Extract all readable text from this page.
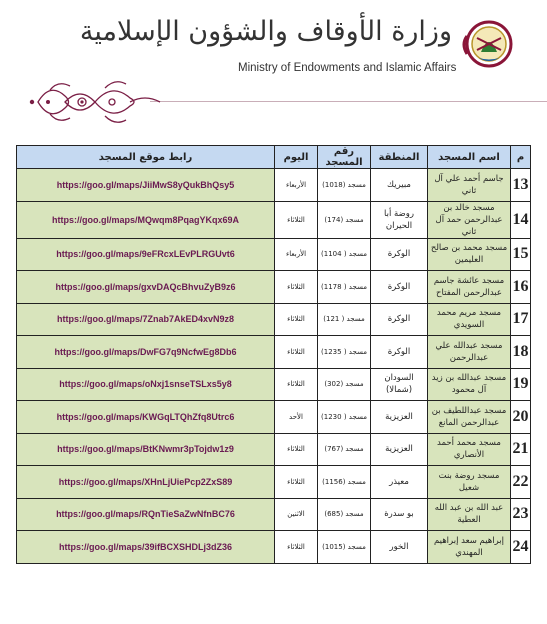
وزارة الأوقاف والشؤون الإسلامية
Ministry of Endowments and Islamic Affairs
م	اسم المسجد	المنطقة	رقم المسجد	اليوم	رابط موقع المسجد
13	جاسم أحمد علي آل ثاني	مبيريك	مسجد (1018)	الأربعاء	https://goo.gl/maps/JiiMwS8yQukBhQsy5
14	مسجد خالد بن عبدالرحمن حمد آل ثاني	روضة أبا الحيران	مسجد (174)	الثلاثاء	https://goo.gl/maps/MQwqm8PqagYKqx69A
15	مسجد محمد بن صالح العليمين	الوكرة	مسجد ( 1104)	الأربعاء	https://goo.gl/maps/9eFRcxLEvPLRGUvt6
16	مسجد عائشة جاسم عبدالرحمن المفتاح	الوكرة	مسجد ( 1178)	الثلاثاء	https://goo.gl/maps/gxvDAQcBhvuZyB9z6
17	مسجد مريم محمد السويدي	الوكرة	مسجد ( 121)	الثلاثاء	https://goo.gl/maps/7Znab7AkED4xvN9z8
18	مسجد عبدالله علي عبدالرحمن	الوكرة	مسجد ( 1235)	الثلاثاء	https://goo.gl/maps/DwFG7q9NcfwEg8Db6
19	مسجد عبدالله بن زيد آل محمود	السودان (شمالا)	مسجد (302)	الثلاثاء	https://goo.gl/maps/oNxj1snseTSLxs5y8
20	مسجد عبداللطيف بن عبدالرحمن المانع	العزيزية	مسجد ( 1230)	الأحد	https://goo.gl/maps/KWGqLTQhZfq8Utrc6
21	مسجد محمد أحمد الأنصاري	العزيزية	مسجد (767)	الثلاثاء	https://goo.gl/maps/BtKNwmr3pTojdw1z9
22	مسجد روضة بنت شعيل	معيذر	مسجد (1156)	الثلاثاء	https://goo.gl/maps/XHnLjUiePcp2ZxS89
23	عبد الله بن عبد الله العطية	بو سدرة	مسجد (685)	الاثنين	https://goo.gl/maps/RQnTieSaZwNfnBC76
24	إبراهيم سعد إبراهيم المهندي	الخور	مسجد (1015)	الثلاثاء	https://goo.gl/maps/39ifBCXSHDLj3dZ36
